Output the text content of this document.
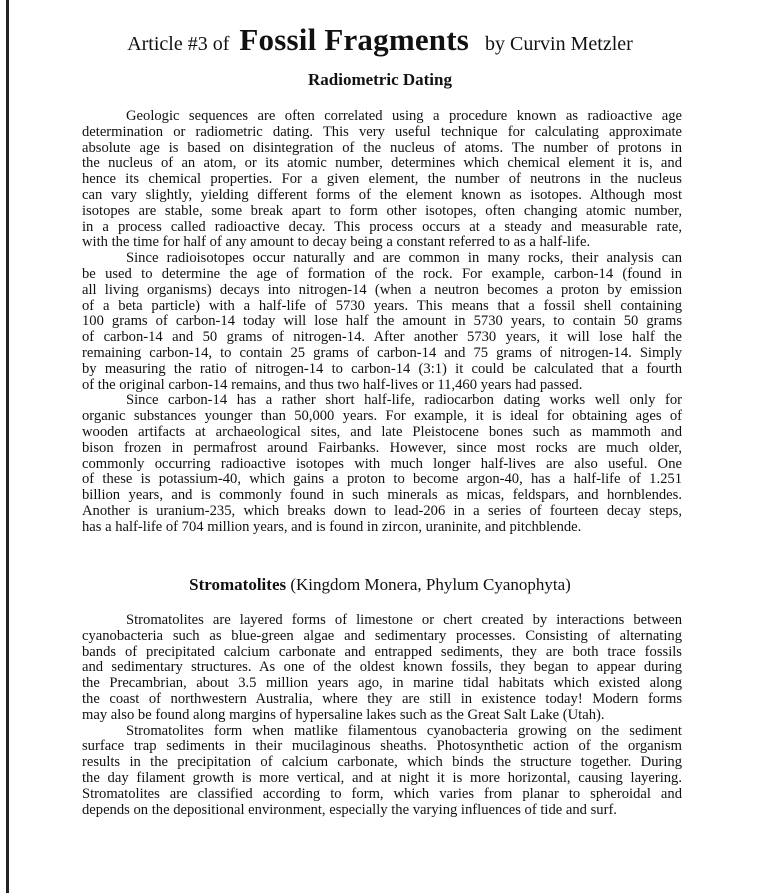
Article #3 of Fossil Fragments by Curvin Metzler
Radiometric Dating
Geologic sequences are often correlated using a procedure known as radioactive age
determination or radiometric dating. This very useful technique for calculating approximate
absolute age is based on disintegration of the nucleus of atoms. The number of protons in
the nucleus of an atom, or its atomic number, determines which chemical element it is, and
hence its chemical properties. For a given element, the number of neutrons in the nucleus
can vary slightly, yielding different forms of the element known as isotopes. Although most
isotopes are stable, some break apart to form other isotopes, often changing atomic number,
in a process called radioactive decay. This process occurs at a steady and measurable rate,
with the time for half of any amount to decay being a constant referred to as a half-life.
Since radioisotopes occur naturally and are common in many rocks, their analysis can
be used to determine the age of formation of the rock. For example, carbon-14 (found in
all living organisms) decays into nitrogen-14 (when a neutron becomes a proton by emission
of a beta particle) with a half-life of 5730 years. This means that a fossil shell containing
100 grams of carbon-14 today will lose half the amount in 5730 years, to contain 50 grams
of carbon-14 and 50 grams of nitrogen-14. After another 5730 years, it will lose half the
remaining carbon-14, to contain 25 grams of carbon-14 and 75 grams of nitrogen-14. Simply
by measuring the ratio of nitrogen-14 to carbon-14 (3:1) it could be calculated that a fourth
of the original carbon-14 remains, and thus two half-lives or 11,460 years had passed.
Since carbon-14 has a rather short half-life, radiocarbon dating works well only for
organic substances younger than 50,000 years. For example, it is ideal for obtaining ages of
wooden artifacts at archaeological sites, and late Pleistocene bones such as mammoth and
bison frozen in permafrost around Fairbanks. However, since most rocks are much older,
commonly occurring radioactive isotopes with much longer half-lives are also useful. One
of these is potassium-40, which gains a proton to become argon-40, has a half-life of 1.251
billion years, and is commonly found in such minerals as micas, feldspars, and hornblendes.
Another is uranium-235, which breaks down to lead-206 in a series of fourteen decay steps,
has a half-life of 704 million years, and is found in zircon, uraninite, and pitchblende.
Stromatolites (Kingdom Monera, Phylum Cyanophyta)
Stromatolites are layered forms of limestone or chert created by interactions between
cyanobacteria such as blue-green algae and sedimentary processes. Consisting of alternating
bands of precipitated calcium carbonate and entrapped sediments, they are both trace fossils
and sedimentary structures. As one of the oldest known fossils, they began to appear during
the Precambrian, about 3.5 million years ago, in marine tidal habitats which existed along
the coast of northwestern Australia, where they are still in existence today! Modern forms
may also be found along margins of hypersaline lakes such as the Great Salt Lake (Utah).
Stromatolites form when matlike filamentous cyanobacteria growing on the sediment
surface trap sediments in their mucilaginous sheaths. Photosynthetic action of the organism
results in the precipitation of calcium carbonate, which binds the structure together. During
the day filament growth is more vertical, and at night it is more horizontal, causing layering.
Stromatolites are classified according to form, which varies from planar to spheroidal and
depends on the depositional environment, especially the varying influences of tide and surf.
